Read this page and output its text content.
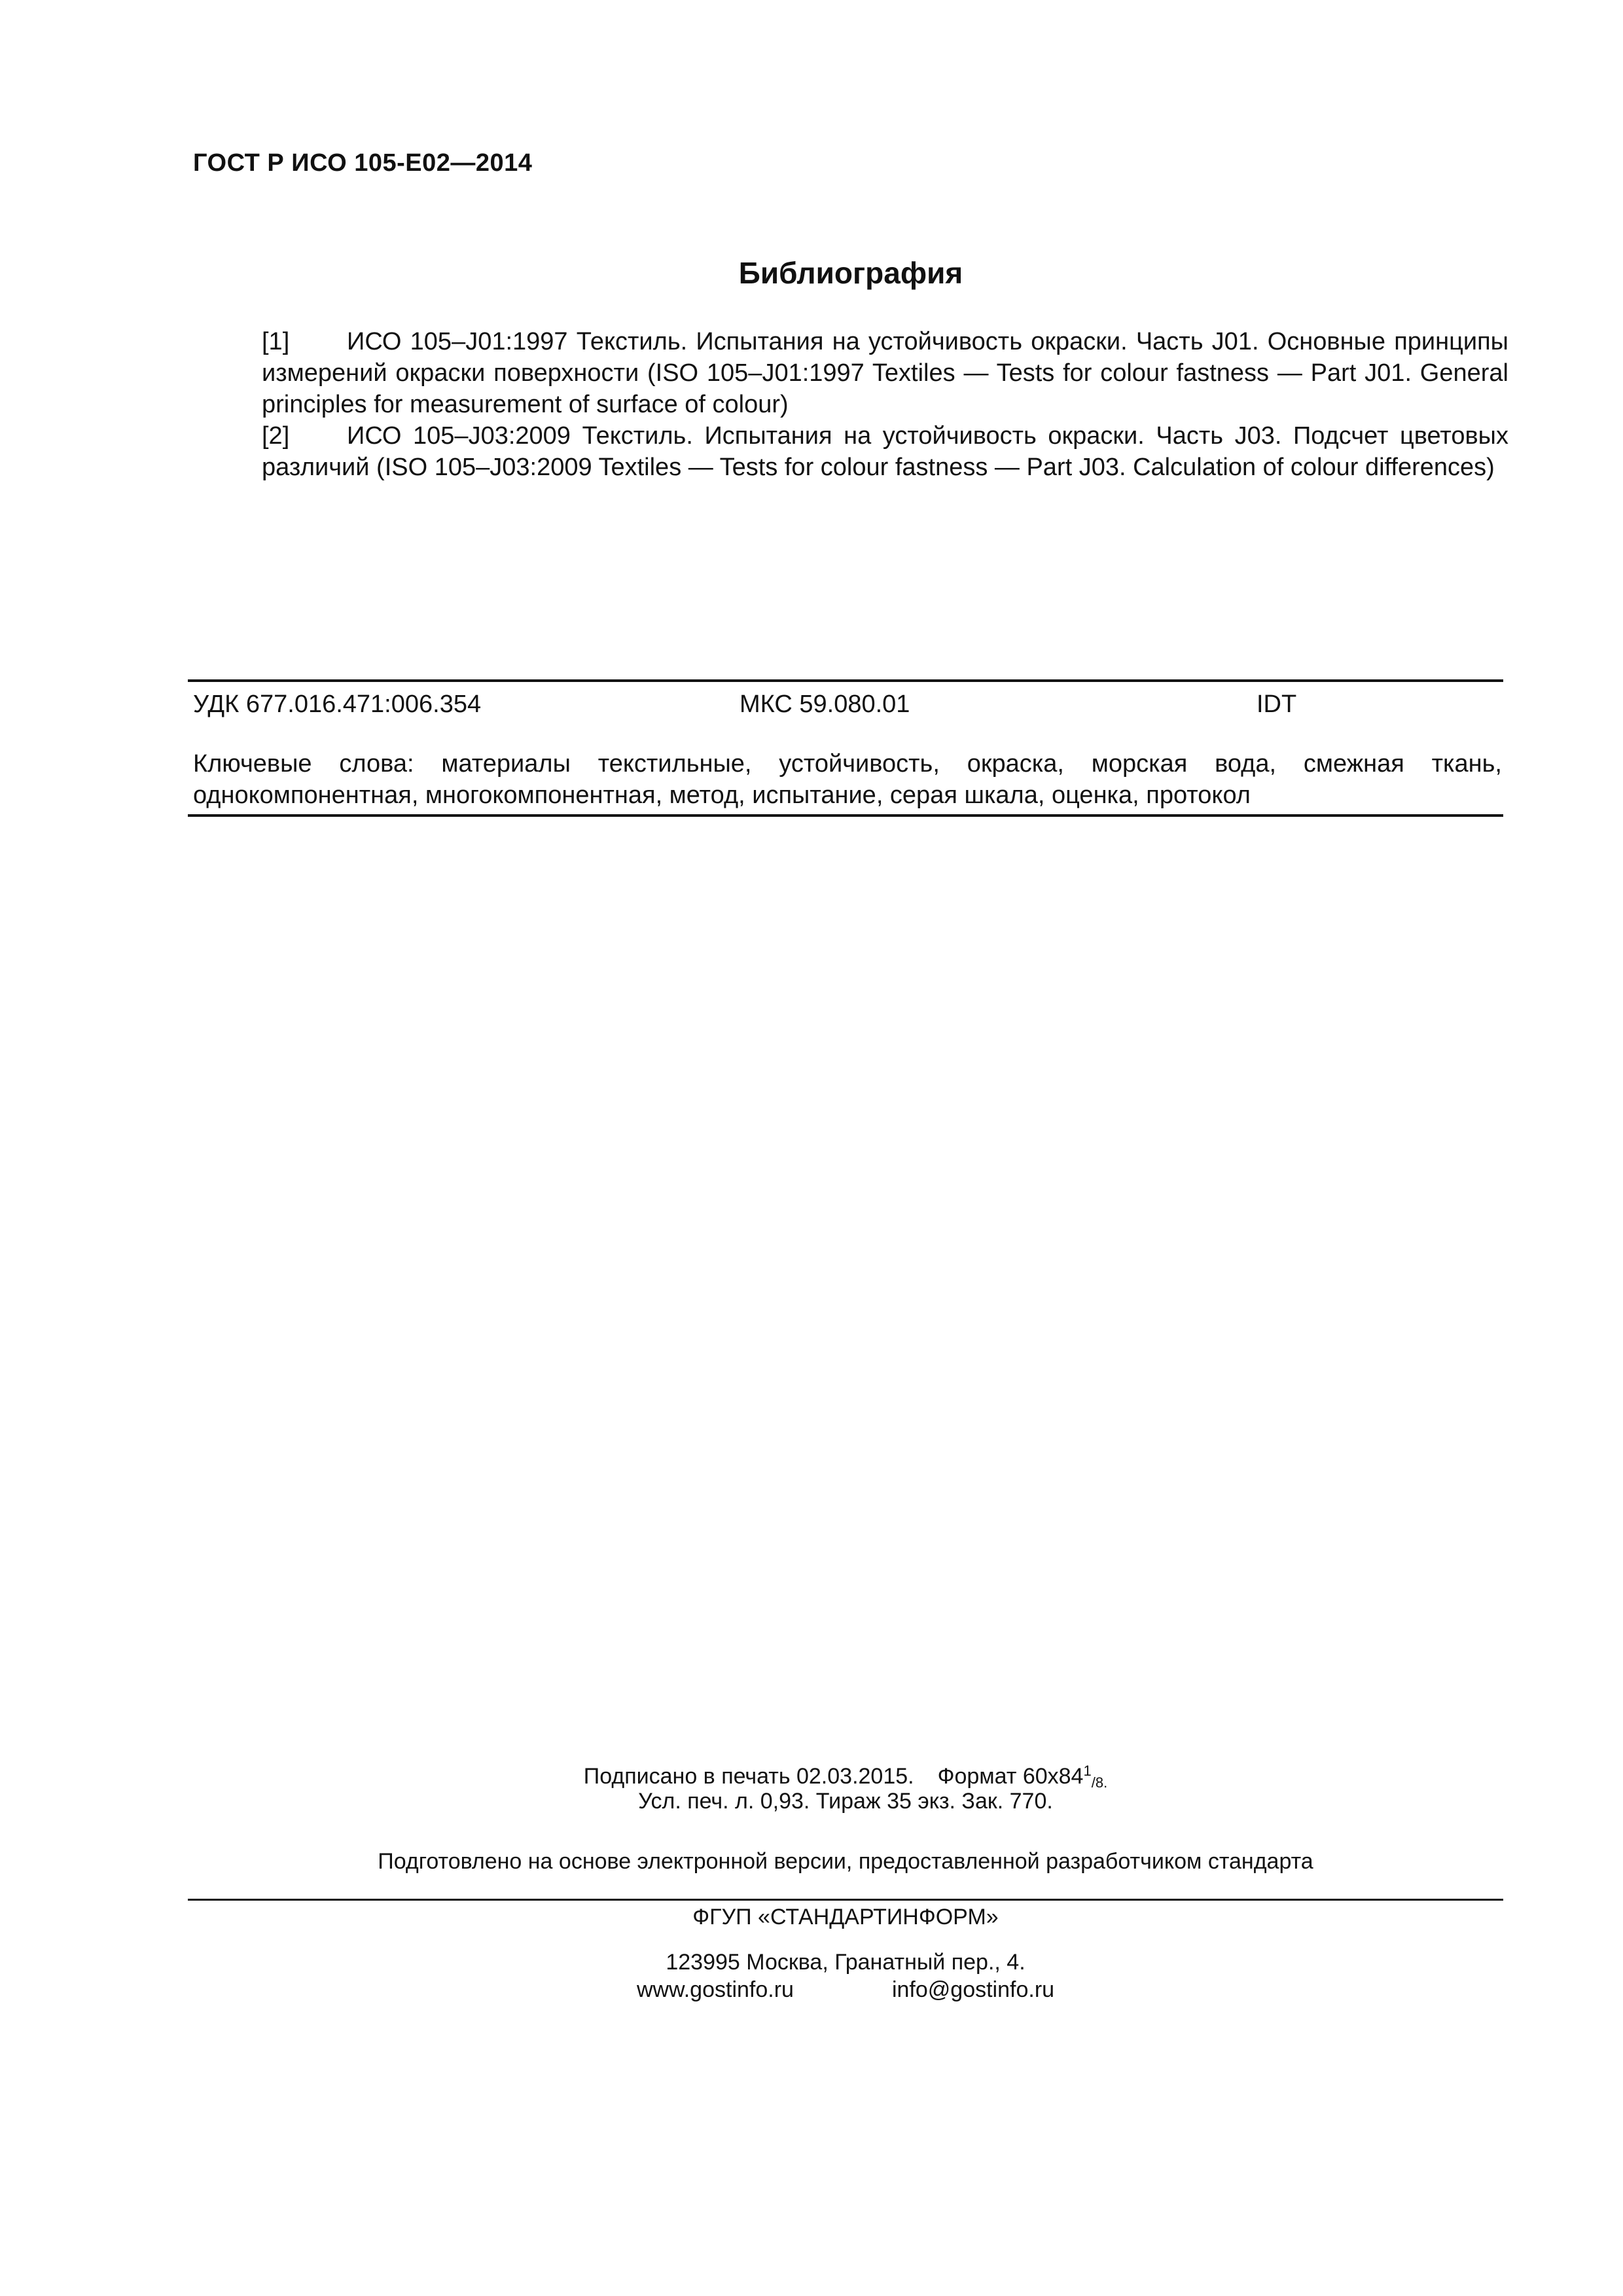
ГОСТ Р ИСО 105-Е02—2014
Библиография
[1] ИСО 105–J01:1997 Текстиль. Испытания на устойчивость окраски. Часть J01. Основные принципы измерений окраски поверхности (ISO 105–J01:1997 Textiles — Tests for colour fastness — Part J01. General principles for measurement of surface of colour)
[2] ИСО 105–J03:2009 Текстиль. Испытания на устойчивость окраски. Часть J03. Подсчет цветовых различий (ISO 105–J03:2009 Textiles — Tests for colour fastness — Part J03. Calculation of colour differences)
УДК 677.016.471:006.354	МКС 59.080.01	IDT
Ключевые слова: материалы текстильные, устойчивость, окраска, морская вода, смежная ткань, однокомпонентная, многокомпонентная, метод, испытание, серая шкала, оценка, протокол
Подписано в печать 02.03.2015. Формат $60х84^1_{/8.}$
Усл. печ. л. 0,93. Тираж 35 экз. Зак. 770.
Подготовлено на основе электронной версии, предоставленной разработчиком стандарта
ФГУП «СТАНДАРТИНФОРМ»
123995 Москва, Гранатный пер., 4.
www.gostinfo.ru	info@gostinfo.ru
